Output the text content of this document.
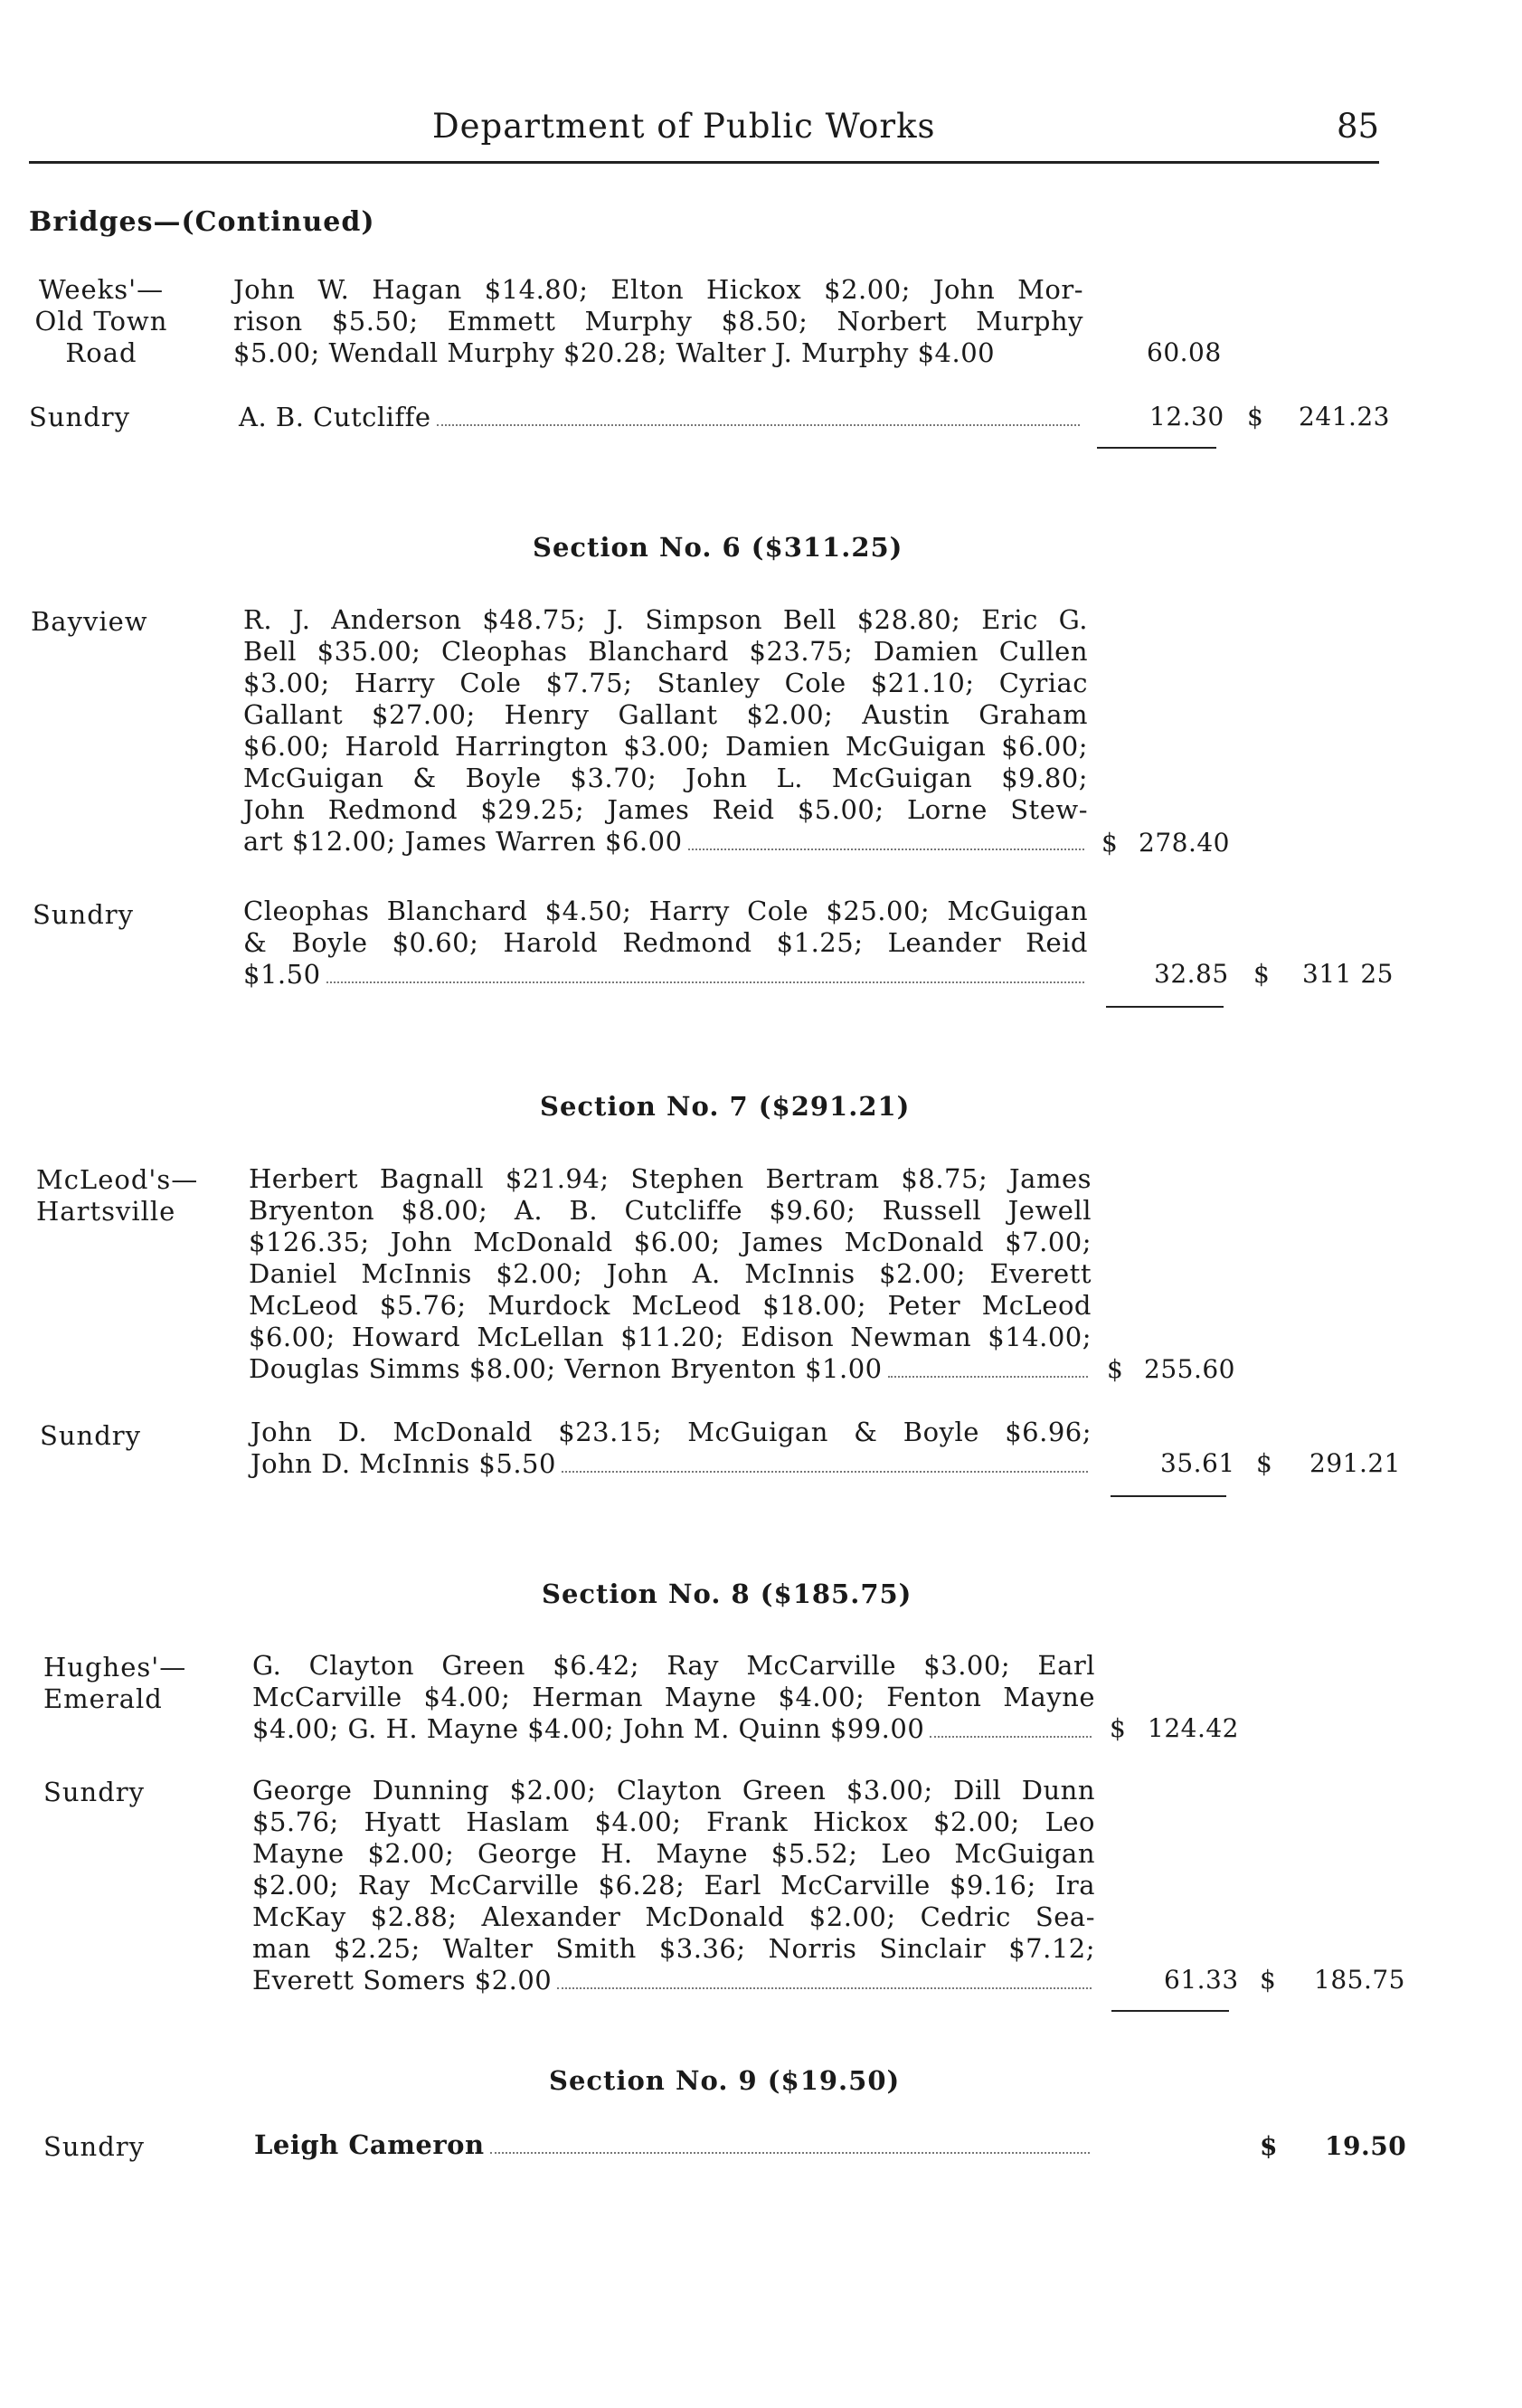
Department of Public Works	85
Bridges—(Continued)
Weeks'—
Old Town
Road
John W. Hagan $14.80; Elton Hickox $2.00; John Mor-
rison $5.50; Emmett Murphy $8.50; Norbert Murphy
$5.00; Wendall Murphy $20.28; Walter J. Murphy $4.00	60.08
Sundry	A. B. Cutcliffe	12.30 $ 241.23
Section No. 6 ($311.25)
Bayview	R. J. Anderson $48.75; J. Simpson Bell $28.80; Eric G.
Bell $35.00; Cleophas Blanchard $23.75; Damien Cullen
$3.00; Harry Cole $7.75; Stanley Cole $21.10; Cyriac
Gallant $27.00; Henry Gallant $2.00; Austin Graham
$6.00; Harold Harrington $3.00; Damien McGuigan $6.00;
McGuigan & Boyle $3.70; John L. McGuigan $9.80;
John Redmond $29.25; James Reid $5.00; Lorne Stew-
art $12.00; James Warren $6.00	$ 278.40
Sundry	Cleophas Blanchard $4.50; Harry Cole $25.00; McGuigan
& Boyle $0.60; Harold Redmond $1.25; Leander Reid
$1.50	32.85 $ 311 25
Section No. 7 ($291.21)
McLeod's—
Hartsville
Herbert Bagnall $21.94; Stephen Bertram $8.75; James
Bryenton $8.00; A. B. Cutcliffe $9.60; Russell Jewell
$126.35; John McDonald $6.00; James McDonald $7.00;
Daniel McInnis $2.00; John A. McInnis $2.00; Everett
McLeod $5.76; Murdock McLeod $18.00; Peter McLeod
$6.00; Howard McLellan $11.20; Edison Newman $14.00;
Douglas Simms $8.00; Vernon Bryenton $1.00	$ 255.60
Sundry	John D. McDonald $23.15; McGuigan & Boyle $6.96;
John D. McInnis $5.50	35.61 $ 291.21
Section No. 8 ($185.75)
Hughes'—
Emerald
G. Clayton Green $6.42; Ray McCarville $3.00; Earl
McCarville $4.00; Herman Mayne $4.00; Fenton Mayne
$4.00; G. H. Mayne $4.00; John M. Quinn $99.00	$ 124.42
Sundry	George Dunning $2.00; Clayton Green $3.00; Dill Dunn
$5.76; Hyatt Haslam $4.00; Frank Hickox $2.00; Leo
Mayne $2.00; George H. Mayne $5.52; Leo McGuigan
$2.00; Ray McCarville $6.28; Earl McCarville $9.16; Ira
McKay $2.88; Alexander McDonald $2.00; Cedric Sea-
man $2.25; Walter Smith $3.36; Norris Sinclair $7.12;
Everett Somers $2.00	61.33 $ 185.75
Section No. 9 ($19.50)
Sundry	Leigh Cameron	$ 19.50
